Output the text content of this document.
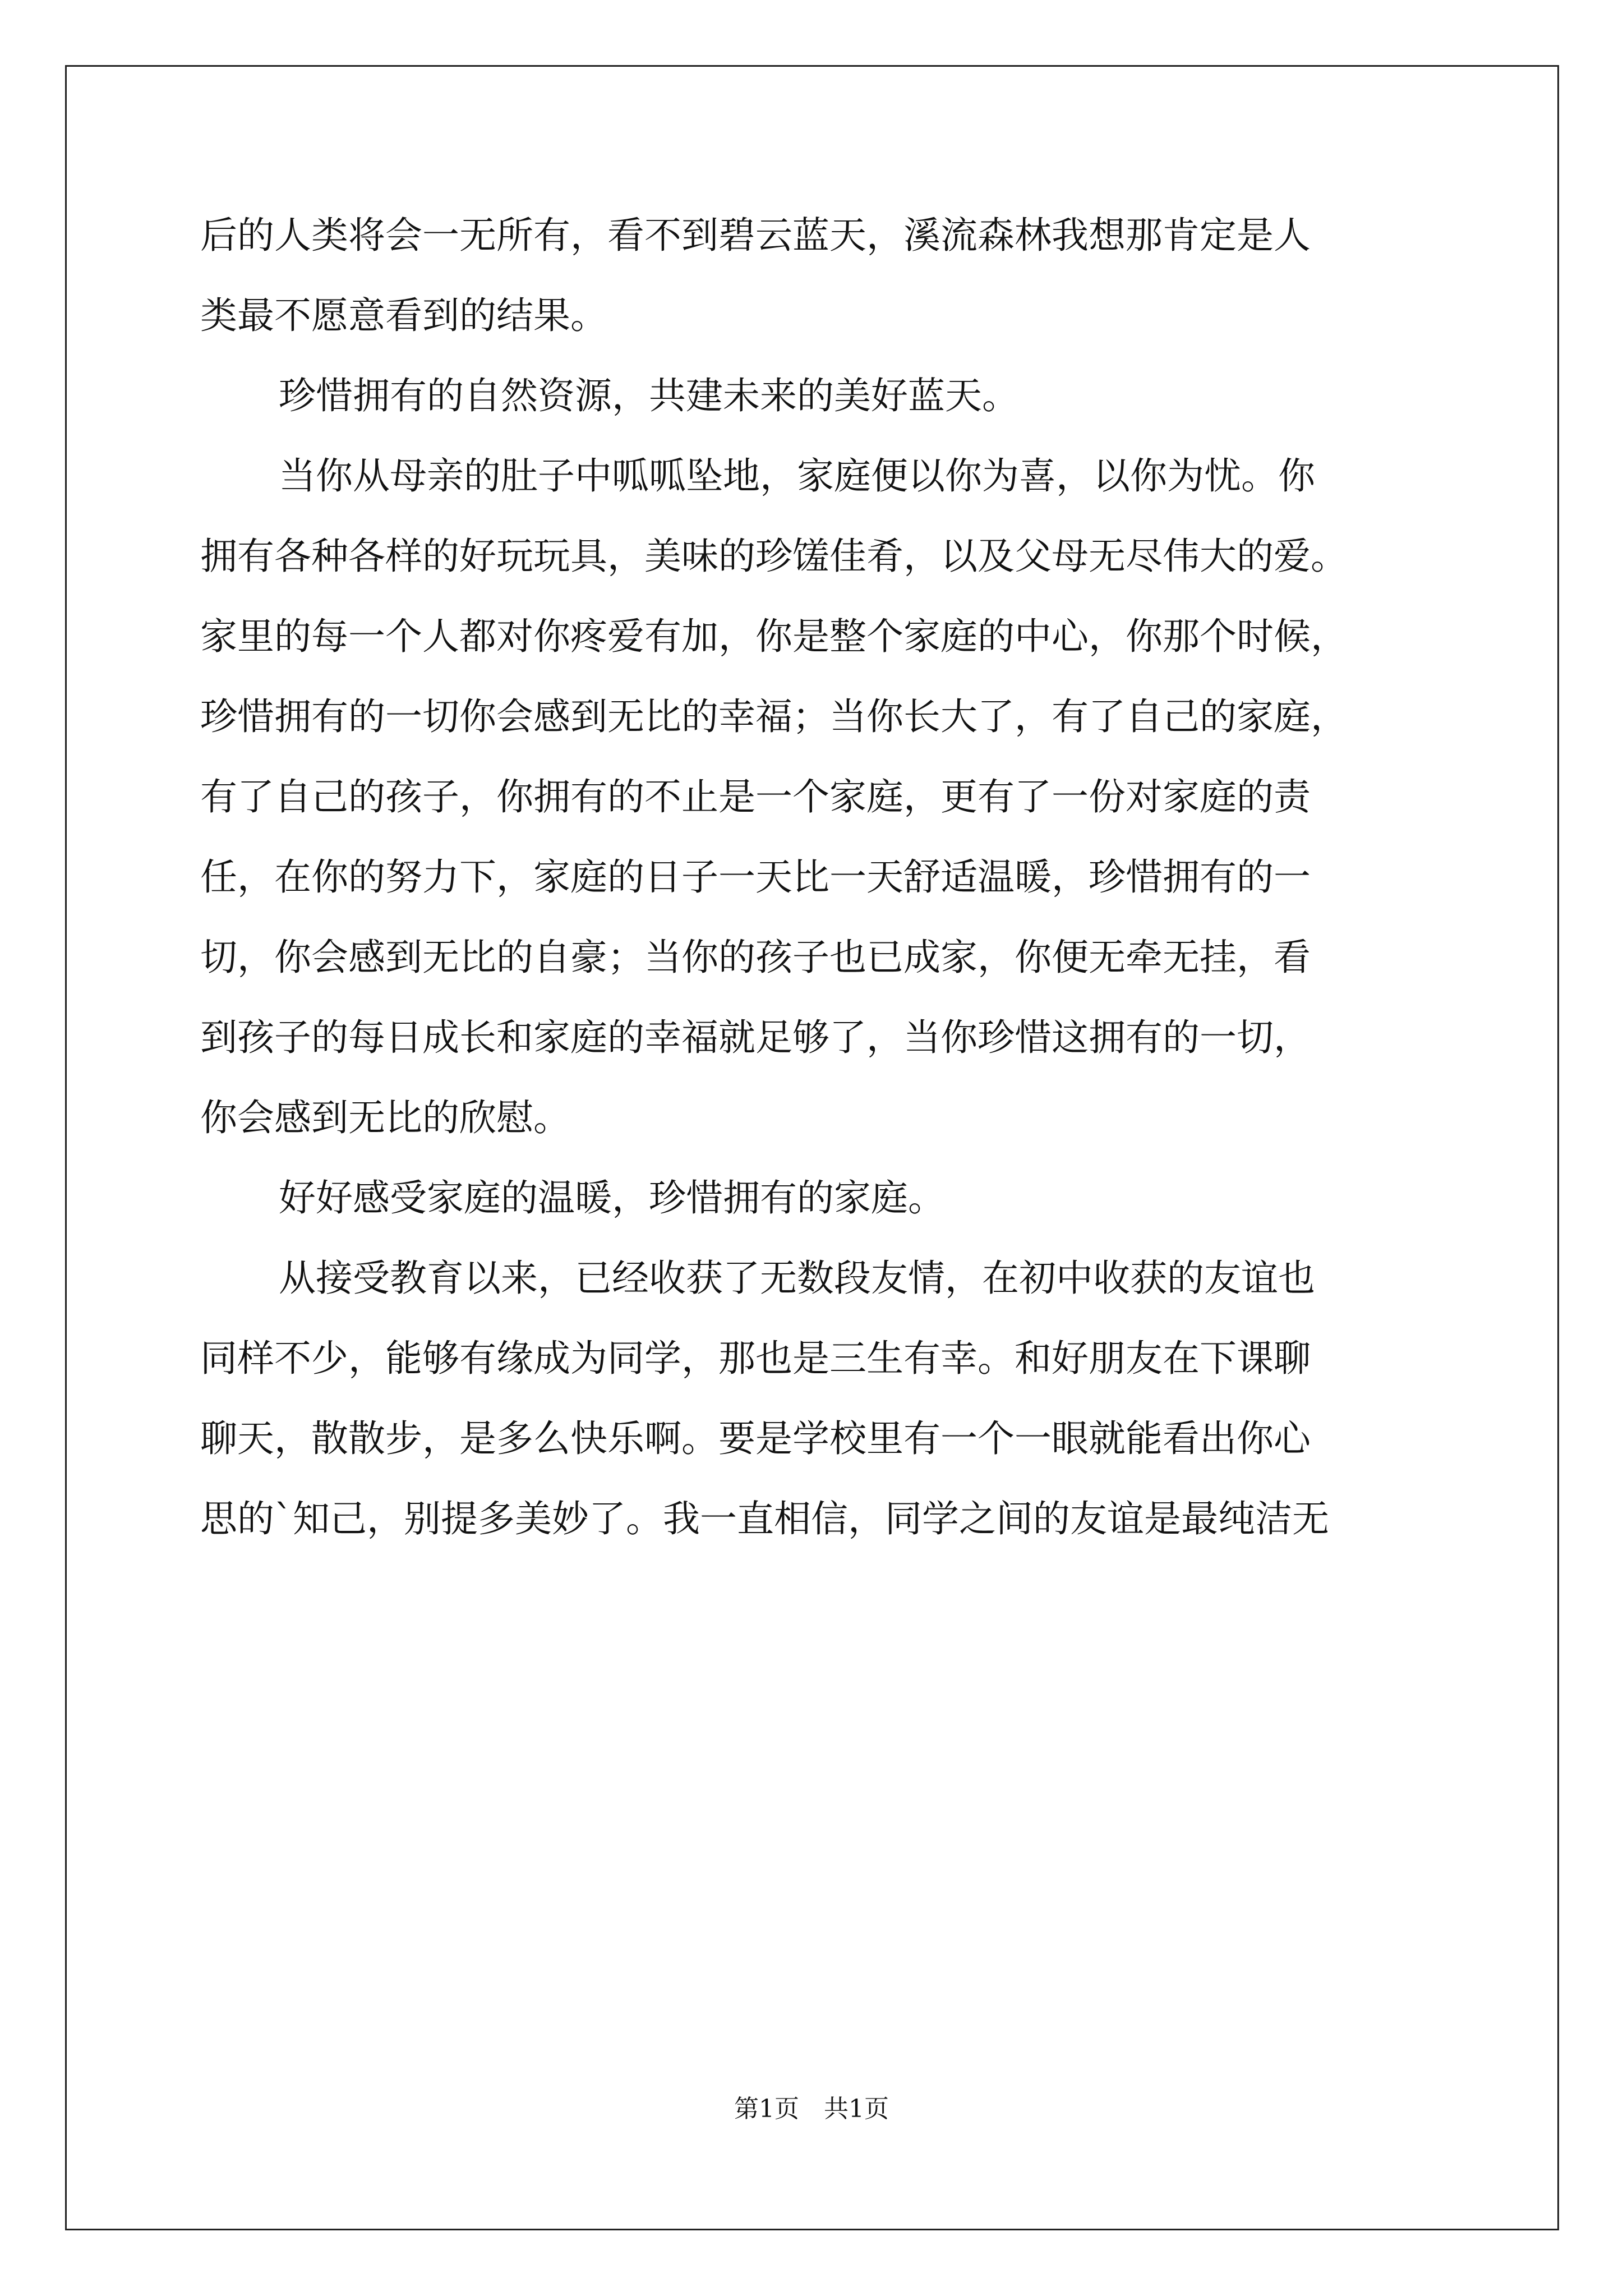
后的人类将会一无所有，看不到碧云蓝天，溪流森林我想那肯定是人
类最不愿意看到的结果。
珍惜拥有的自然资源，共建未来的美好蓝天。
当你从母亲的肚子中呱呱坠地，家庭便以你为喜，以你为忧。你
拥有各种各样的好玩玩具，美味的珍馐佳肴，以及父母无尽伟大的爱。
家里的每一个人都对你疼爱有加，你是整个家庭的中心，你那个时候，
珍惜拥有的一切你会感到无比的幸福；当你长大了，有了自己的家庭，
有了自己的孩子，你拥有的不止是一个家庭，更有了一份对家庭的责
任，在你的努力下，家庭的日子一天比一天舒适温暖，珍惜拥有的一
切，你会感到无比的自豪；当你的孩子也已成家，你便无牵无挂，看
到孩子的每日成长和家庭的幸福就足够了，当你珍惜这拥有的一切，
你会感到无比的欣慰。
好好感受家庭的温暖，珍惜拥有的家庭。
从接受教育以来，已经收获了无数段友情，在初中收获的友谊也
同样不少，能够有缘成为同学，那也是三生有幸。和好朋友在下课聊
聊天，散散步，是多么快乐啊。要是学校里有一个一眼就能看出你心
思的`知己，别提多美妙了。我一直相信，同学之间的友谊是最纯洁无
第1页　共1页
